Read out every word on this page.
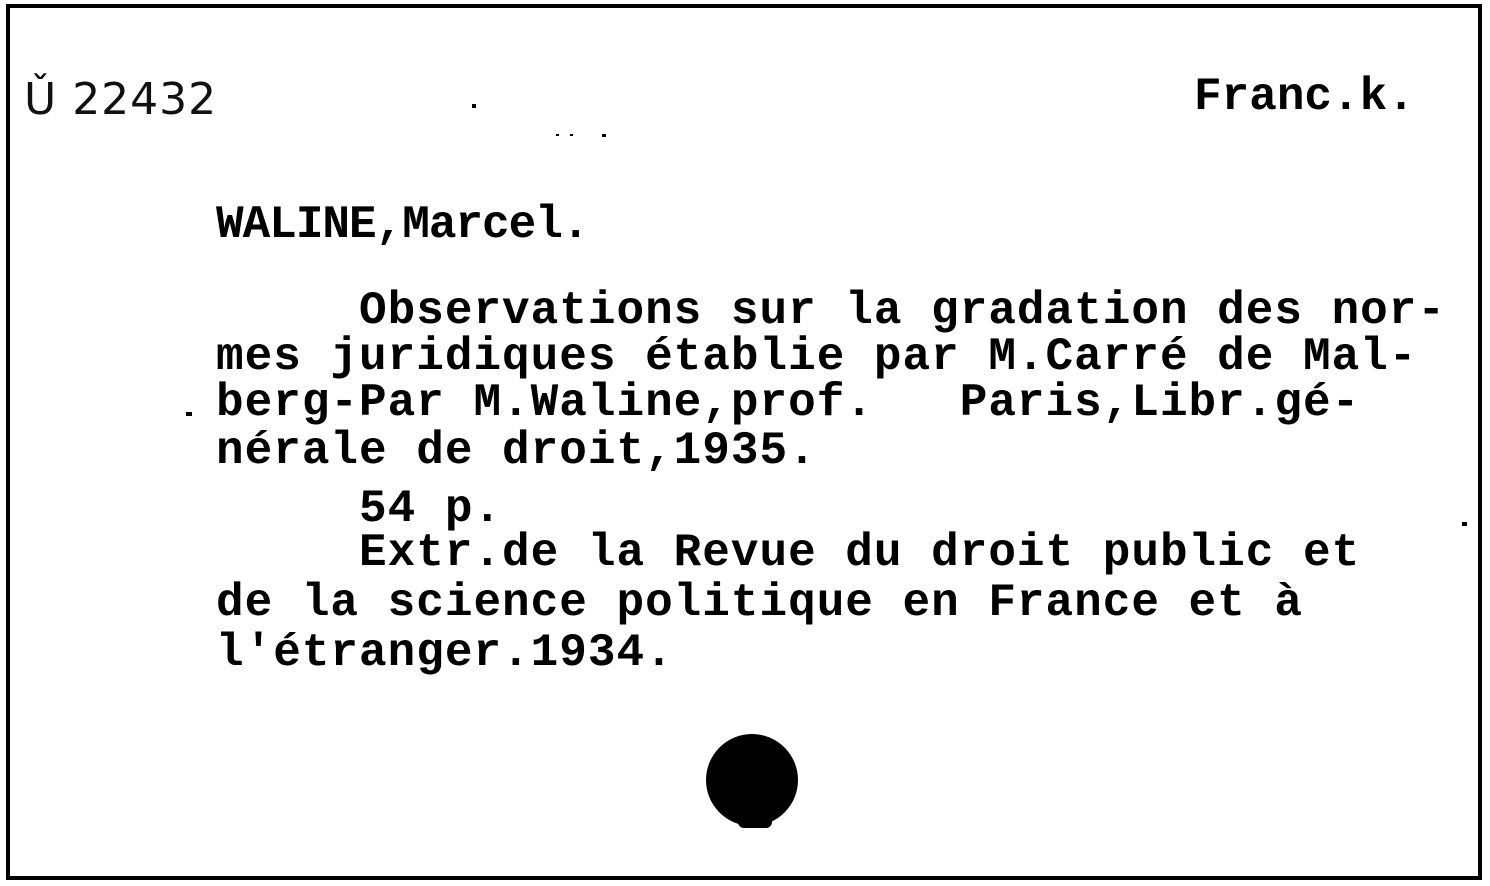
Ǔ 22432	Franc.k.
WALINE,Marcel.
Observations sur la gradation des nor-
mes juridiques établie par M.Carré de Mal-
berg-Par M.Waline,prof.   Paris,Libr.gé-
nérale de droit,1935.
54 p.
Extr.de la Revue du droit public et
de la science politique en France et à
l'étranger.1934.
